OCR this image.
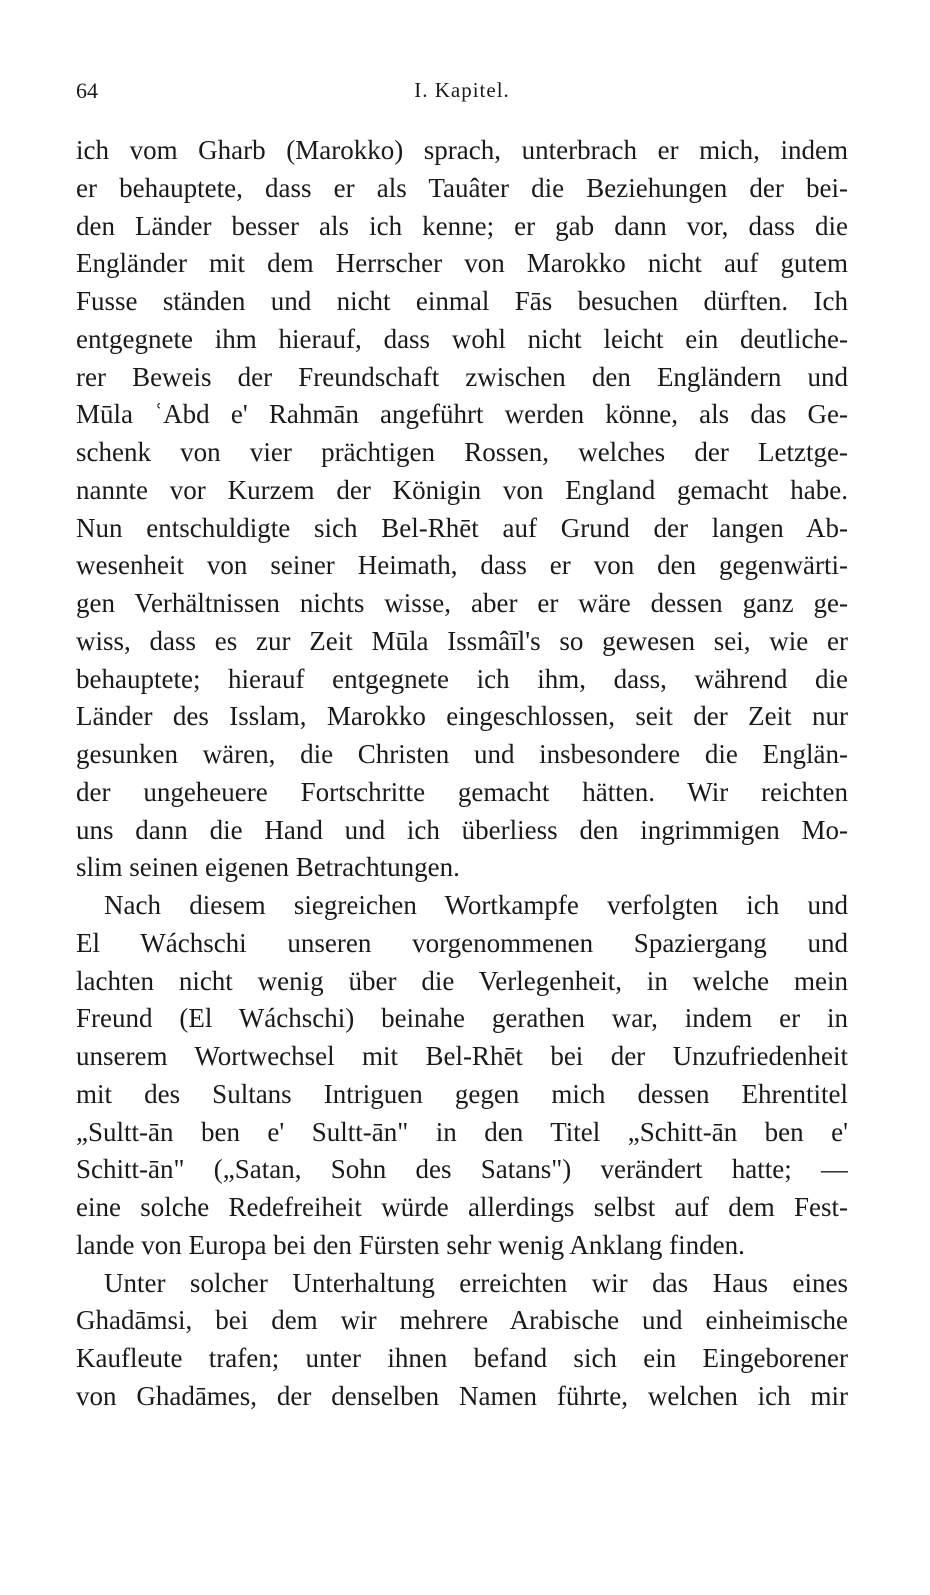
64	I. Kapitel.
ich vom Gharb (Marokko) sprach, unterbrach er mich, indem
er behauptete, dass er als Tauâter die Beziehungen der bei-
den Länder besser als ich kenne; er gab dann vor, dass die
Engländer mit dem Herrscher von Marokko nicht auf gutem
Fusse ständen und nicht einmal Fās besuchen dürften. Ich
entgegnete ihm hierauf, dass wohl nicht leicht ein deutliche-
rer Beweis der Freundschaft zwischen den Engländern und
Mūla ʿAbd e' Rahmān angeführt werden könne, als das Ge-
schenk von vier prächtigen Rossen, welches der Letztge-
nannte vor Kurzem der Königin von England gemacht habe.
Nun entschuldigte sich Bel-Rhēt auf Grund der langen Ab-
wesenheit von seiner Heimath, dass er von den gegenwärti-
gen Verhältnissen nichts wisse, aber er wäre dessen ganz ge-
wiss, dass es zur Zeit Mūla Issmâīl's so gewesen sei, wie er
behauptete; hierauf entgegnete ich ihm, dass, während die
Länder des Isslam, Marokko eingeschlossen, seit der Zeit nur
gesunken wären, die Christen und insbesondere die Englän-
der ungeheuere Fortschritte gemacht hätten. Wir reichten
uns dann die Hand und ich überliess den ingrimmigen Mo-
slim seinen eigenen Betrachtungen.
Nach diesem siegreichen Wortkampfe verfolgten ich und
El Wáchschi unseren vorgenommenen Spaziergang und
lachten nicht wenig über die Verlegenheit, in welche mein
Freund (El Wáchschi) beinahe gerathen war, indem er in
unserem Wortwechsel mit Bel-Rhēt bei der Unzufriedenheit
mit des Sultans Intriguen gegen mich dessen Ehrentitel
„Sultt-ān ben e' Sultt-ān" in den Titel „Schitt-ān ben e'
Schitt-ān" („Satan, Sohn des Satans") verändert hatte; —
eine solche Redefreiheit würde allerdings selbst auf dem Fest-
lande von Europa bei den Fürsten sehr wenig Anklang finden.
Unter solcher Unterhaltung erreichten wir das Haus eines
Ghadāmsi, bei dem wir mehrere Arabische und einheimische
Kaufleute trafen; unter ihnen befand sich ein Eingeborener
von Ghadāmes, der denselben Namen führte, welchen ich mir
